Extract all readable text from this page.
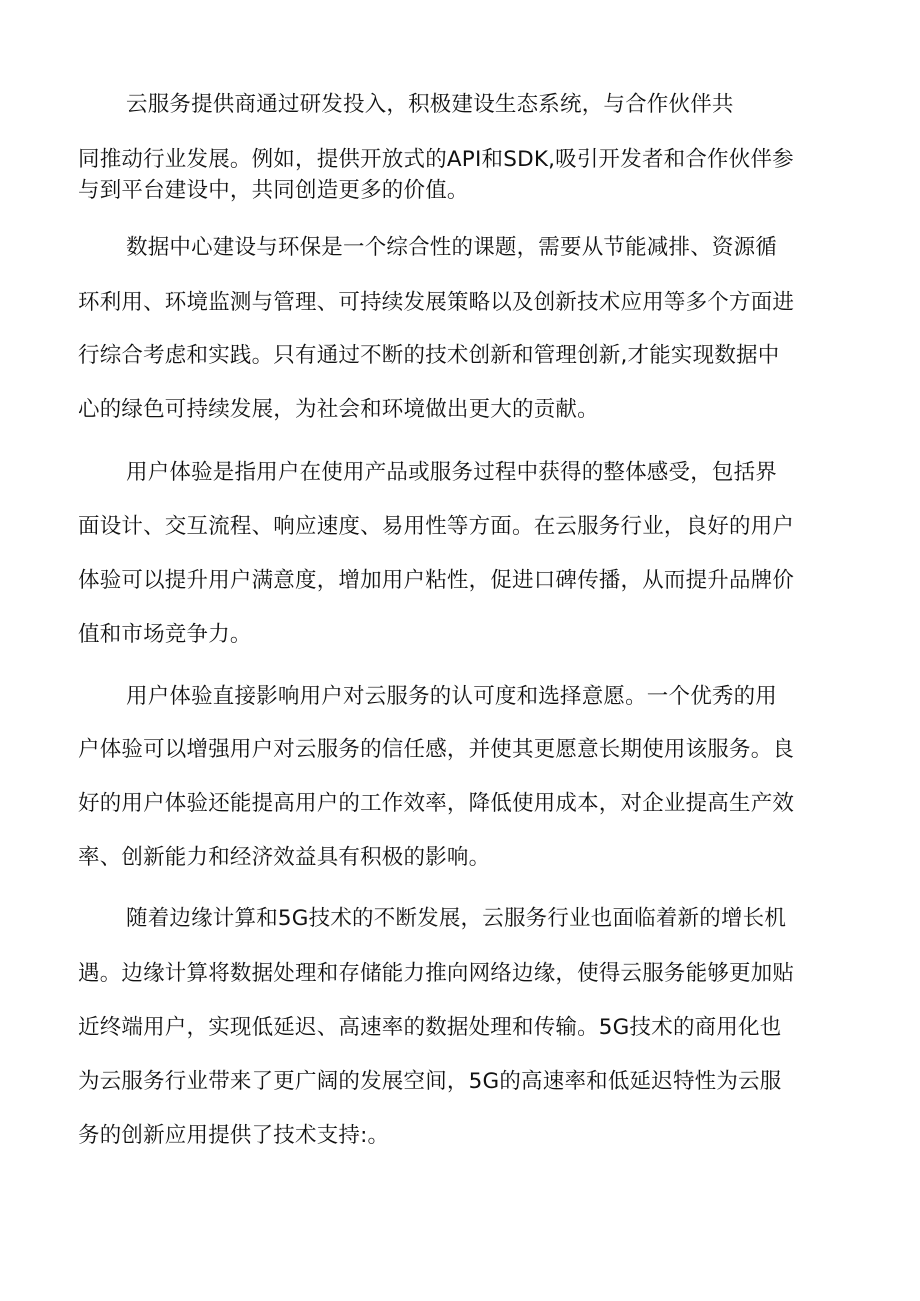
云服务提供商通过研发投入，积极建设生态系统，与合作伙伴共
同推动行业发展。例如，提供开放式的API和SDK,吸引开发者和合作伙伴参
与到平台建设中，共同创造更多的价值。
数据中心建设与环保是一个综合性的课题，需要从节能减排、资源循
环利用、环境监测与管理、可持续发展策略以及创新技术应用等多个方面进
行综合考虑和实践。只有通过不断的技术创新和管理创新,才能实现数据中
心的绿色可持续发展，为社会和环境做出更大的贡献。
用户体验是指用户在使用产品或服务过程中获得的整体感受，包括界
面设计、交互流程、响应速度、易用性等方面。在云服务行业，良好的用户
体验可以提升用户满意度，增加用户粘性，促进口碑传播，从而提升品牌价
值和市场竞争力。
用户体验直接影响用户对云服务的认可度和选择意愿。一个优秀的用
户体验可以增强用户对云服务的信任感，并使其更愿意长期使用该服务。良
好的用户体验还能提高用户的工作效率，降低使用成本，对企业提高生产效
率、创新能力和经济效益具有积极的影响。
随着边缘计算和5G技术的不断发展，云服务行业也面临着新的增长机
遇。边缘计算将数据处理和存储能力推向网络边缘，使得云服务能够更加贴
近终端用户，实现低延迟、高速率的数据处理和传输。5G技术的商用化也
为云服务行业带来了更广阔的发展空间，5G的高速率和低延迟特性为云服
务的创新应用提供了技术支持:。
